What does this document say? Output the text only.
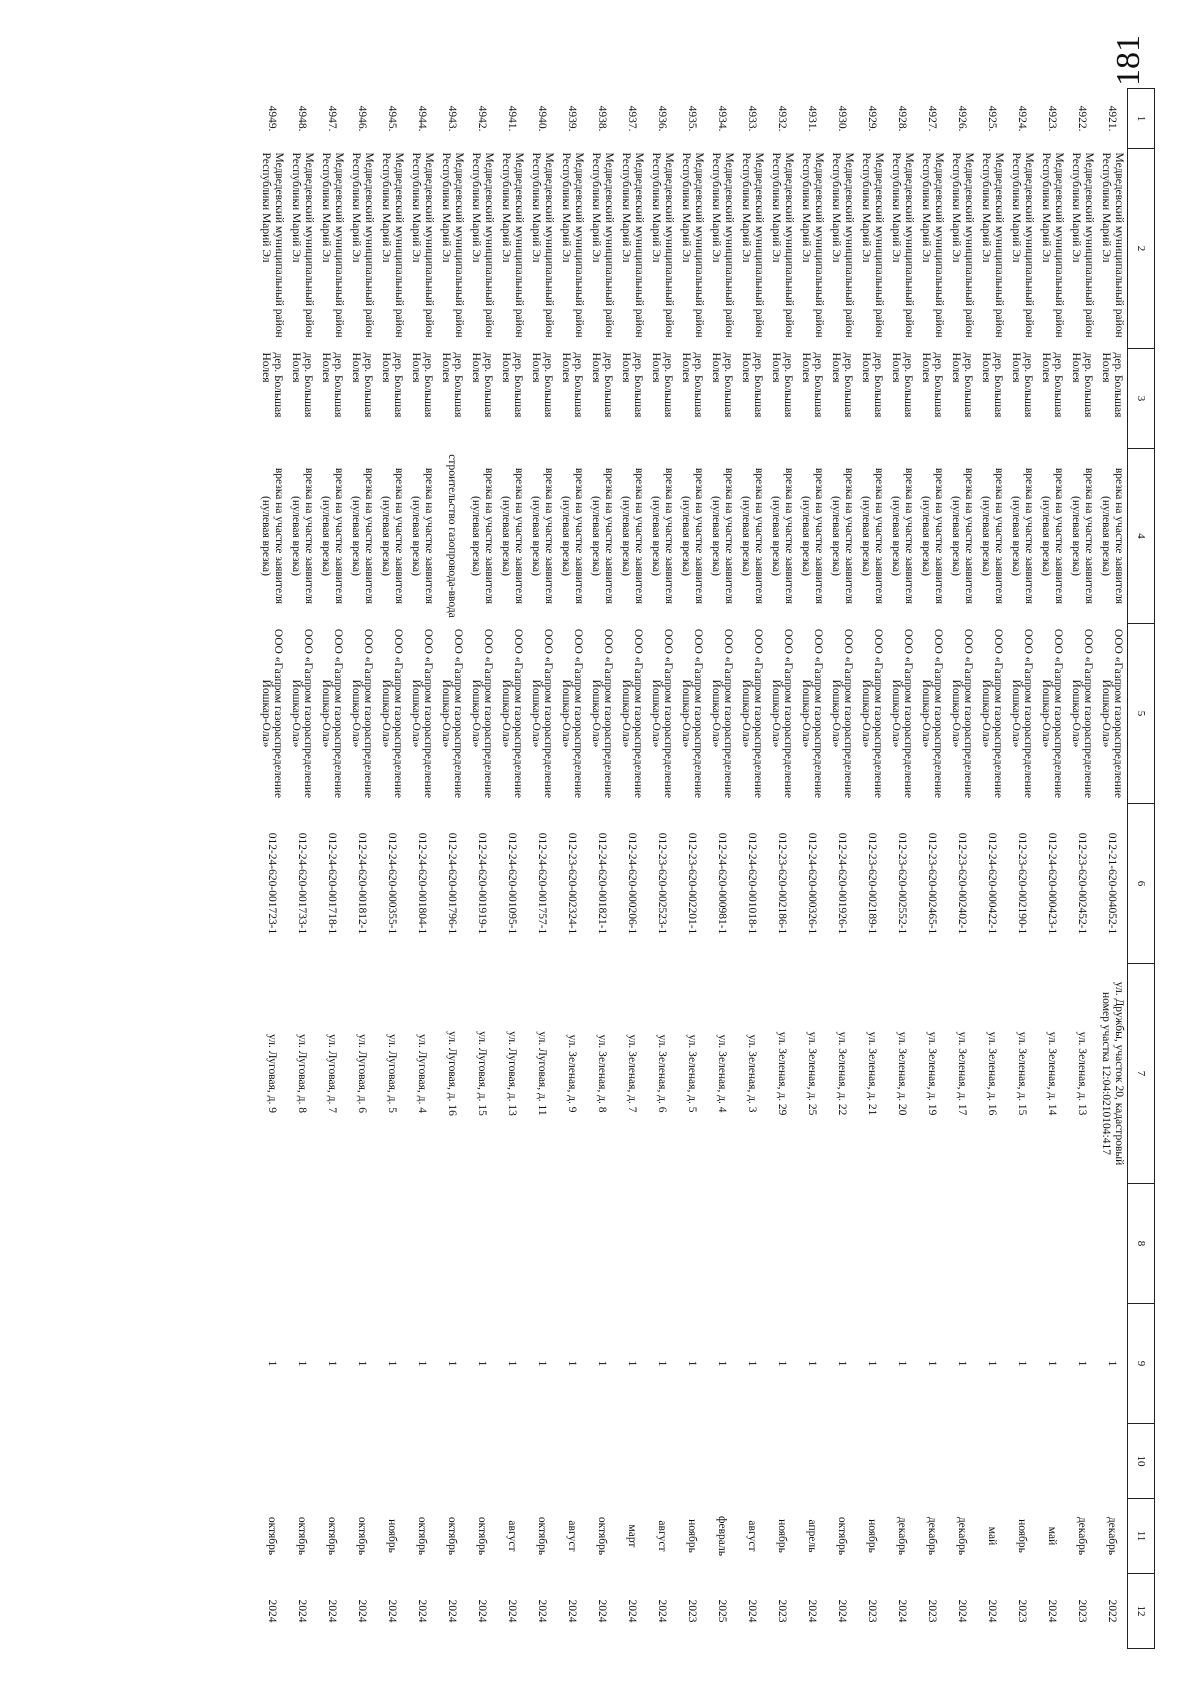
181
1	2	3	4	5	6	7	8	9	10	11	12
4921.	Медведевский муниципальный район Республики Марий Эл	дер. Большая Нолея	врезка на участке заявителя (нулевая врезка)	ООО «Газпром газораспределение Йошкар-Ола»	012-21-620-004052-1	ул. Дружбы, участок 20, кадастровый номер участка 12:04:0210104:417		1		декабрь	2022
4922.	Медведевский муниципальный район Республики Марий Эл	дер. Большая Нолея	врезка на участке заявителя (нулевая врезка)	ООО «Газпром газораспределение Йошкар-Ола»	012-23-620-002452-1	ул. Зеленая, д. 13		1		декабрь	2023
4923.	Медведевский муниципальный район Республики Марий Эл	дер. Большая Нолея	врезка на участке заявителя (нулевая врезка)	ООО «Газпром газораспределение Йошкар-Ола»	012-24-620-000423-1	ул. Зеленая, д. 14		1		май	2024
4924.	Медведевский муниципальный район Республики Марий Эл	дер. Большая Нолея	врезка на участке заявителя (нулевая врезка)	ООО «Газпром газораспределение Йошкар-Ола»	012-23-620-002190-1	ул. Зеленая, д. 15		1		ноябрь	2023
4925.	Медведевский муниципальный район Республики Марий Эл	дер. Большая Нолея	врезка на участке заявителя (нулевая врезка)	ООО «Газпром газораспределение Йошкар-Ола»	012-24-620-000422-1	ул. Зеленая, д. 16		1		май	2024
4926.	Медведевский муниципальный район Республики Марий Эл	дер. Большая Нолея	врезка на участке заявителя (нулевая врезка)	ООО «Газпром газораспределение Йошкар-Ола»	012-23-620-002402-1	ул. Зеленая, д. 17		1		декабрь	2024
4927.	Медведевский муниципальный район Республики Марий Эл	дер. Большая Нолея	врезка на участке заявителя (нулевая врезка)	ООО «Газпром газораспределение Йошкар-Ола»	012-23-620-002465-1	ул. Зеленая, д. 19		1		декабрь	2023
4928.	Медведевский муниципальный район Республики Марий Эл	дер. Большая Нолея	врезка на участке заявителя (нулевая врезка)	ООО «Газпром газораспределение Йошкар-Ола»	012-23-620-002552-1	ул. Зеленая, д. 20		1		декабрь	2024
4929.	Медведевский муниципальный район Республики Марий Эл	дер. Большая Нолея	врезка на участке заявителя (нулевая врезка)	ООО «Газпром газораспределение Йошкар-Ола»	012-23-620-002189-1	ул. Зеленая, д. 21		1		ноябрь	2023
4930.	Медведевский муниципальный район Республики Марий Эл	дер. Большая Нолея	врезка на участке заявителя (нулевая врезка)	ООО «Газпром газораспределение Йошкар-Ола»	012-24-620-001926-1	ул. Зеленая, д. 22		1		октябрь	2024
4931.	Медведевский муниципальный район Республики Марий Эл	дер. Большая Нолея	врезка на участке заявителя (нулевая врезка)	ООО «Газпром газораспределение Йошкар-Ола»	012-24-620-000326-1	ул. Зеленая, д. 25		1		апрель	2024
4932.	Медведевский муниципальный район Республики Марий Эл	дер. Большая Нолея	врезка на участке заявителя (нулевая врезка)	ООО «Газпром газораспределение Йошкар-Ола»	012-23-620-002186-1	ул. Зеленая, д. 29		1		ноябрь	2023
4933.	Медведевский муниципальный район Республики Марий Эл	дер. Большая Нолея	врезка на участке заявителя (нулевая врезка)	ООО «Газпром газораспределение Йошкар-Ола»	012-24-620-001018-1	ул. Зеленая, д. 3		1		август	2024
4934.	Медведевский муниципальный район Республики Марий Эл	дер. Большая Нолея	врезка на участке заявителя (нулевая врезка)	ООО «Газпром газораспределение Йошкар-Ола»	012-24-620-000981-1	ул. Зеленая, д. 4		1		февраль	2025
4935.	Медведевский муниципальный район Республики Марий Эл	дер. Большая Нолея	врезка на участке заявителя (нулевая врезка)	ООО «Газпром газораспределение Йошкар-Ола»	012-23-620-002201-1	ул. Зеленая, д. 5		1		ноябрь	2023
4936.	Медведевский муниципальный район Республики Марий Эл	дер. Большая Нолея	врезка на участке заявителя (нулевая врезка)	ООО «Газпром газораспределение Йошкар-Ола»	012-23-620-002523-1	ул. Зеленая, д. 6		1		август	2024
4937.	Медведевский муниципальный район Республики Марий Эл	дер. Большая Нолея	врезка на участке заявителя (нулевая врезка)	ООО «Газпром газораспределение Йошкар-Ола»	012-24-620-000206-1	ул. Зеленая, д. 7		1		март	2024
4938.	Медведевский муниципальный район Республики Марий Эл	дер. Большая Нолея	врезка на участке заявителя (нулевая врезка)	ООО «Газпром газораспределение Йошкар-Ола»	012-24-620-001821-1	ул. Зеленая, д. 8		1		октябрь	2024
4939.	Медведевский муниципальный район Республики Марий Эл	дер. Большая Нолея	врезка на участке заявителя (нулевая врезка)	ООО «Газпром газораспределение Йошкар-Ола»	012-23-620-002324-1	ул. Зеленая, д. 9		1		август	2024
4940.	Медведевский муниципальный район Республики Марий Эл	дер. Большая Нолея	врезка на участке заявителя (нулевая врезка)	ООО «Газпром газораспределение Йошкар-Ола»	012-24-620-001757-1	ул. Луговая, д. 11		1		октябрь	2024
4941.	Медведевский муниципальный район Республики Марий Эл	дер. Большая Нолея	врезка на участке заявителя (нулевая врезка)	ООО «Газпром газораспределение Йошкар-Ола»	012-24-620-001095-1	ул. Луговая, д. 13		1		август	2024
4942.	Медведевский муниципальный район Республики Марий Эл	дер. Большая Нолея	врезка на участке заявителя (нулевая врезка)	ООО «Газпром газораспределение Йошкар-Ола»	012-24-620-001919-1	ул. Луговая, д. 15		1		октябрь	2024
4943.	Медведевский муниципальный район Республики Марий Эл	дер. Большая Нолея	строительство газопровода-ввода	ООО «Газпром газораспределение Йошкар-Ола»	012-24-620-001796-1	ул. Луговая, д. 16		1		октябрь	2024
4944.	Медведевский муниципальный район Республики Марий Эл	дер. Большая Нолея	врезка на участке заявителя (нулевая врезка)	ООО «Газпром газораспределение Йошкар-Ола»	012-24-620-001804-1	ул. Луговая, д. 4		1		октябрь	2024
4945.	Медведевский муниципальный район Республики Марий Эл	дер. Большая Нолея	врезка на участке заявителя (нулевая врезка)	ООО «Газпром газораспределение Йошкар-Ола»	012-24-620-000355-1	ул. Луговая, д. 5		1		ноябрь	2024
4946.	Медведевский муниципальный район Республики Марий Эл	дер. Большая Нолея	врезка на участке заявителя (нулевая врезка)	ООО «Газпром газораспределение Йошкар-Ола»	012-24-620-001812-1	ул. Луговая, д. 6		1		октябрь	2024
4947.	Медведевский муниципальный район Республики Марий Эл	дер. Большая Нолея	врезка на участке заявителя (нулевая врезка)	ООО «Газпром газораспределение Йошкар-Ола»	012-24-620-001718-1	ул. Луговая, д. 7		1		октябрь	2024
4948.	Медведевский муниципальный район Республики Марий Эл	дер. Большая Нолея	врезка на участке заявителя (нулевая врезка)	ООО «Газпром газораспределение Йошкар-Ола»	012-24-620-001733-1	ул. Луговая, д. 8		1		октябрь	2024
4949.	Медведевский муниципальный район Республики Марий Эл	дер. Большая Нолея	врезка на участке заявителя (нулевая врезка)	ООО «Газпром газораспределение Йошкар-Ола»	012-24-620-001723-1	ул. Луговая, д. 9		1		октябрь	2024
